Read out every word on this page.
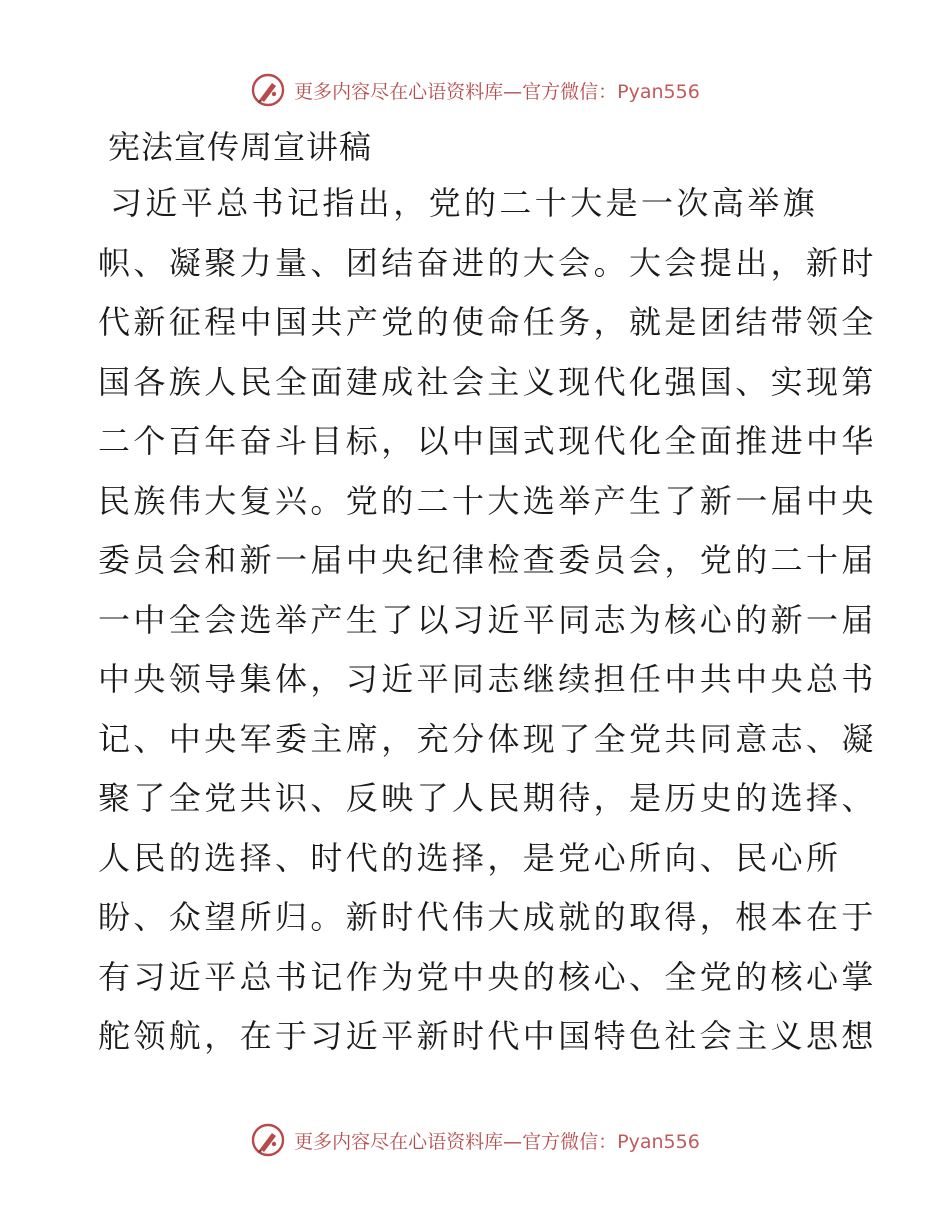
更多内容尽在心语资料库—官方微信：Pyan556
宪法宣传周宣讲稿
习近平总书记指出，党的二十大是一次高举旗
帜、凝聚力量、团结奋进的大会。大会提出，新时
代新征程中国共产党的使命任务，就是团结带领全
国各族人民全面建成社会主义现代化强国、实现第
二个百年奋斗目标，以中国式现代化全面推进中华
民族伟大复兴。党的二十大选举产生了新一届中央
委员会和新一届中央纪律检查委员会，党的二十届
一中全会选举产生了以习近平同志为核心的新一届
中央领导集体，习近平同志继续担任中共中央总书
记、中央军委主席，充分体现了全党共同意志、凝
聚了全党共识、反映了人民期待，是历史的选择、
人民的选择、时代的选择，是党心所向、民心所
盼、众望所归。新时代伟大成就的取得，根本在于
有习近平总书记作为党中央的核心、全党的核心掌
舵领航，在于习近平新时代中国特色社会主义思想
更多内容尽在心语资料库—官方微信：Pyan556
